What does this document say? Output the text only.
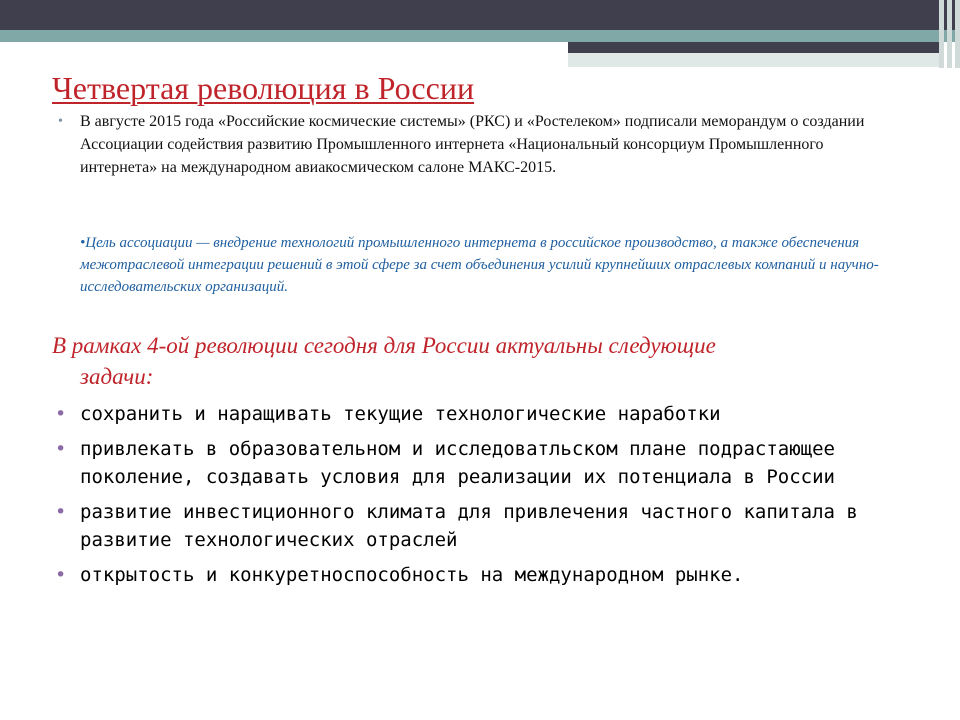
Четвертая революция в России
•	В августе 2015 года «Российские космические системы» (РКС) и «Ростелеком» подписали меморандум о создании Ассоциации содействия развитию Промышленного интернета «Национальный консорциум Промышленного интернета» на международном авиакосмическом салоне МАКС-2015.
•Цель ассоциации — внедрение технологий промышленного интернета в российское производство, а также обеспечения межотраслевой интеграции решений в этой сфере за счет объединения усилий крупнейших отраслевых компаний и научно-исследовательских организаций.
В рамках 4-ой революции сегодня для России актуальны следующие
задачи:
• сохранить и наращивать текущие технологические наработки
• привлекать в образовательном и исследоватльском плане подрастающее поколение, создавать условия для реализации их потенциала в России
• развитие инвестиционного климата для привлечения частного капитала в развитие технологических отраслей
• открытость и конкуретноспособность на международном рынке.
